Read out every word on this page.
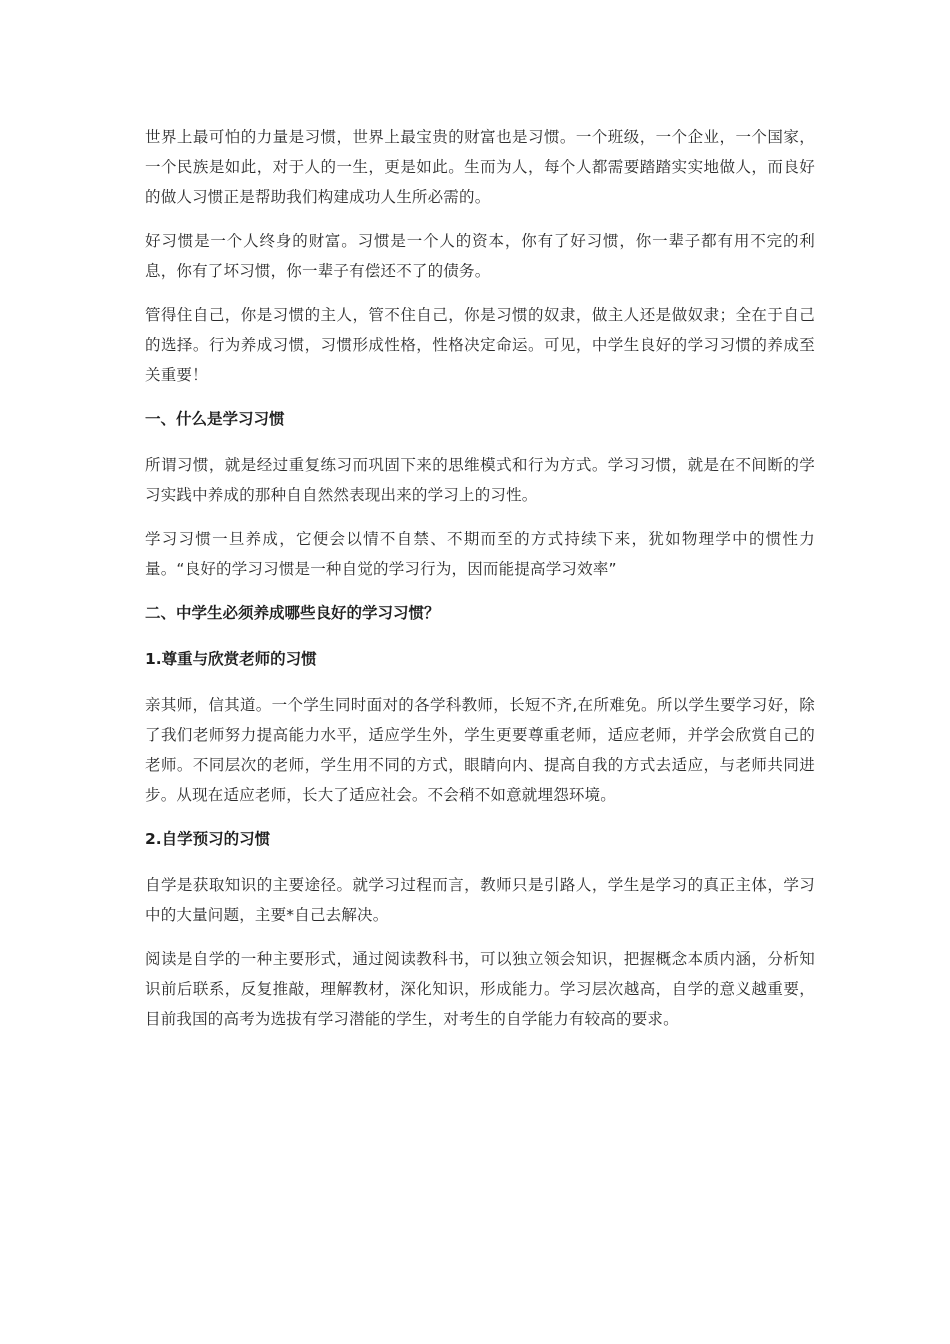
世界上最可怕的力量是习惯，世界上最宝贵的财富也是习惯。一个班级，一个企业，一个国家，一个民族是如此，对于人的一生，更是如此。生而为人，每个人都需要踏踏实实地做人，而良好的做人习惯正是帮助我们构建成功人生所必需的。

好习惯是一个人终身的财富。习惯是一个人的资本，你有了好习惯，你一辈子都有用不完的利息，你有了坏习惯，你一辈子有偿还不了的债务。

管得住自己，你是习惯的主人，管不住自己，你是习惯的奴隶，做主人还是做奴隶；全在于自己的选择。行为养成习惯，习惯形成性格，性格决定命运。可见，中学生良好的学习习惯的养成至关重要！

一、什么是学习习惯

所谓习惯，就是经过重复练习而巩固下来的思维模式和行为方式。学习习惯，就是在不间断的学习实践中养成的那种自自然然表现出来的学习上的习性。

学习习惯一旦养成，它便会以情不自禁、不期而至的方式持续下来，犹如物理学中的惯性力量。“良好的学习习惯是一种自觉的学习行为，因而能提高学习效率”

二、中学生必须养成哪些良好的学习习惯？
1.尊重与欣赏老师的习惯

亲其师，信其道。一个学生同时面对的各学科教师，长短不齐,在所难免。所以学生要学习好，除了我们老师努力提高能力水平，适应学生外，学生更要尊重老师，适应老师，并学会欣赏自己的老师。不同层次的老师，学生用不同的方式，眼睛向内、提高自我的方式去适应，与老师共同进步。从现在适应老师，长大了适应社会。不会稍不如意就埋怨环境。

2.自学预习的习惯

自学是获取知识的主要途径。就学习过程而言，教师只是引路人，学生是学习的真正主体，学习中的大量问题，主要*自己去解决。

阅读是自学的一种主要形式，通过阅读教科书，可以独立领会知识，把握概念本质内涵，分析知识前后联系，反复推敲，理解教材，深化知识，形成能力。学习层次越高，自学的意义越重要，目前我国的高考为选拔有学习潜能的学生，对考生的自学能力有较高的要求。
